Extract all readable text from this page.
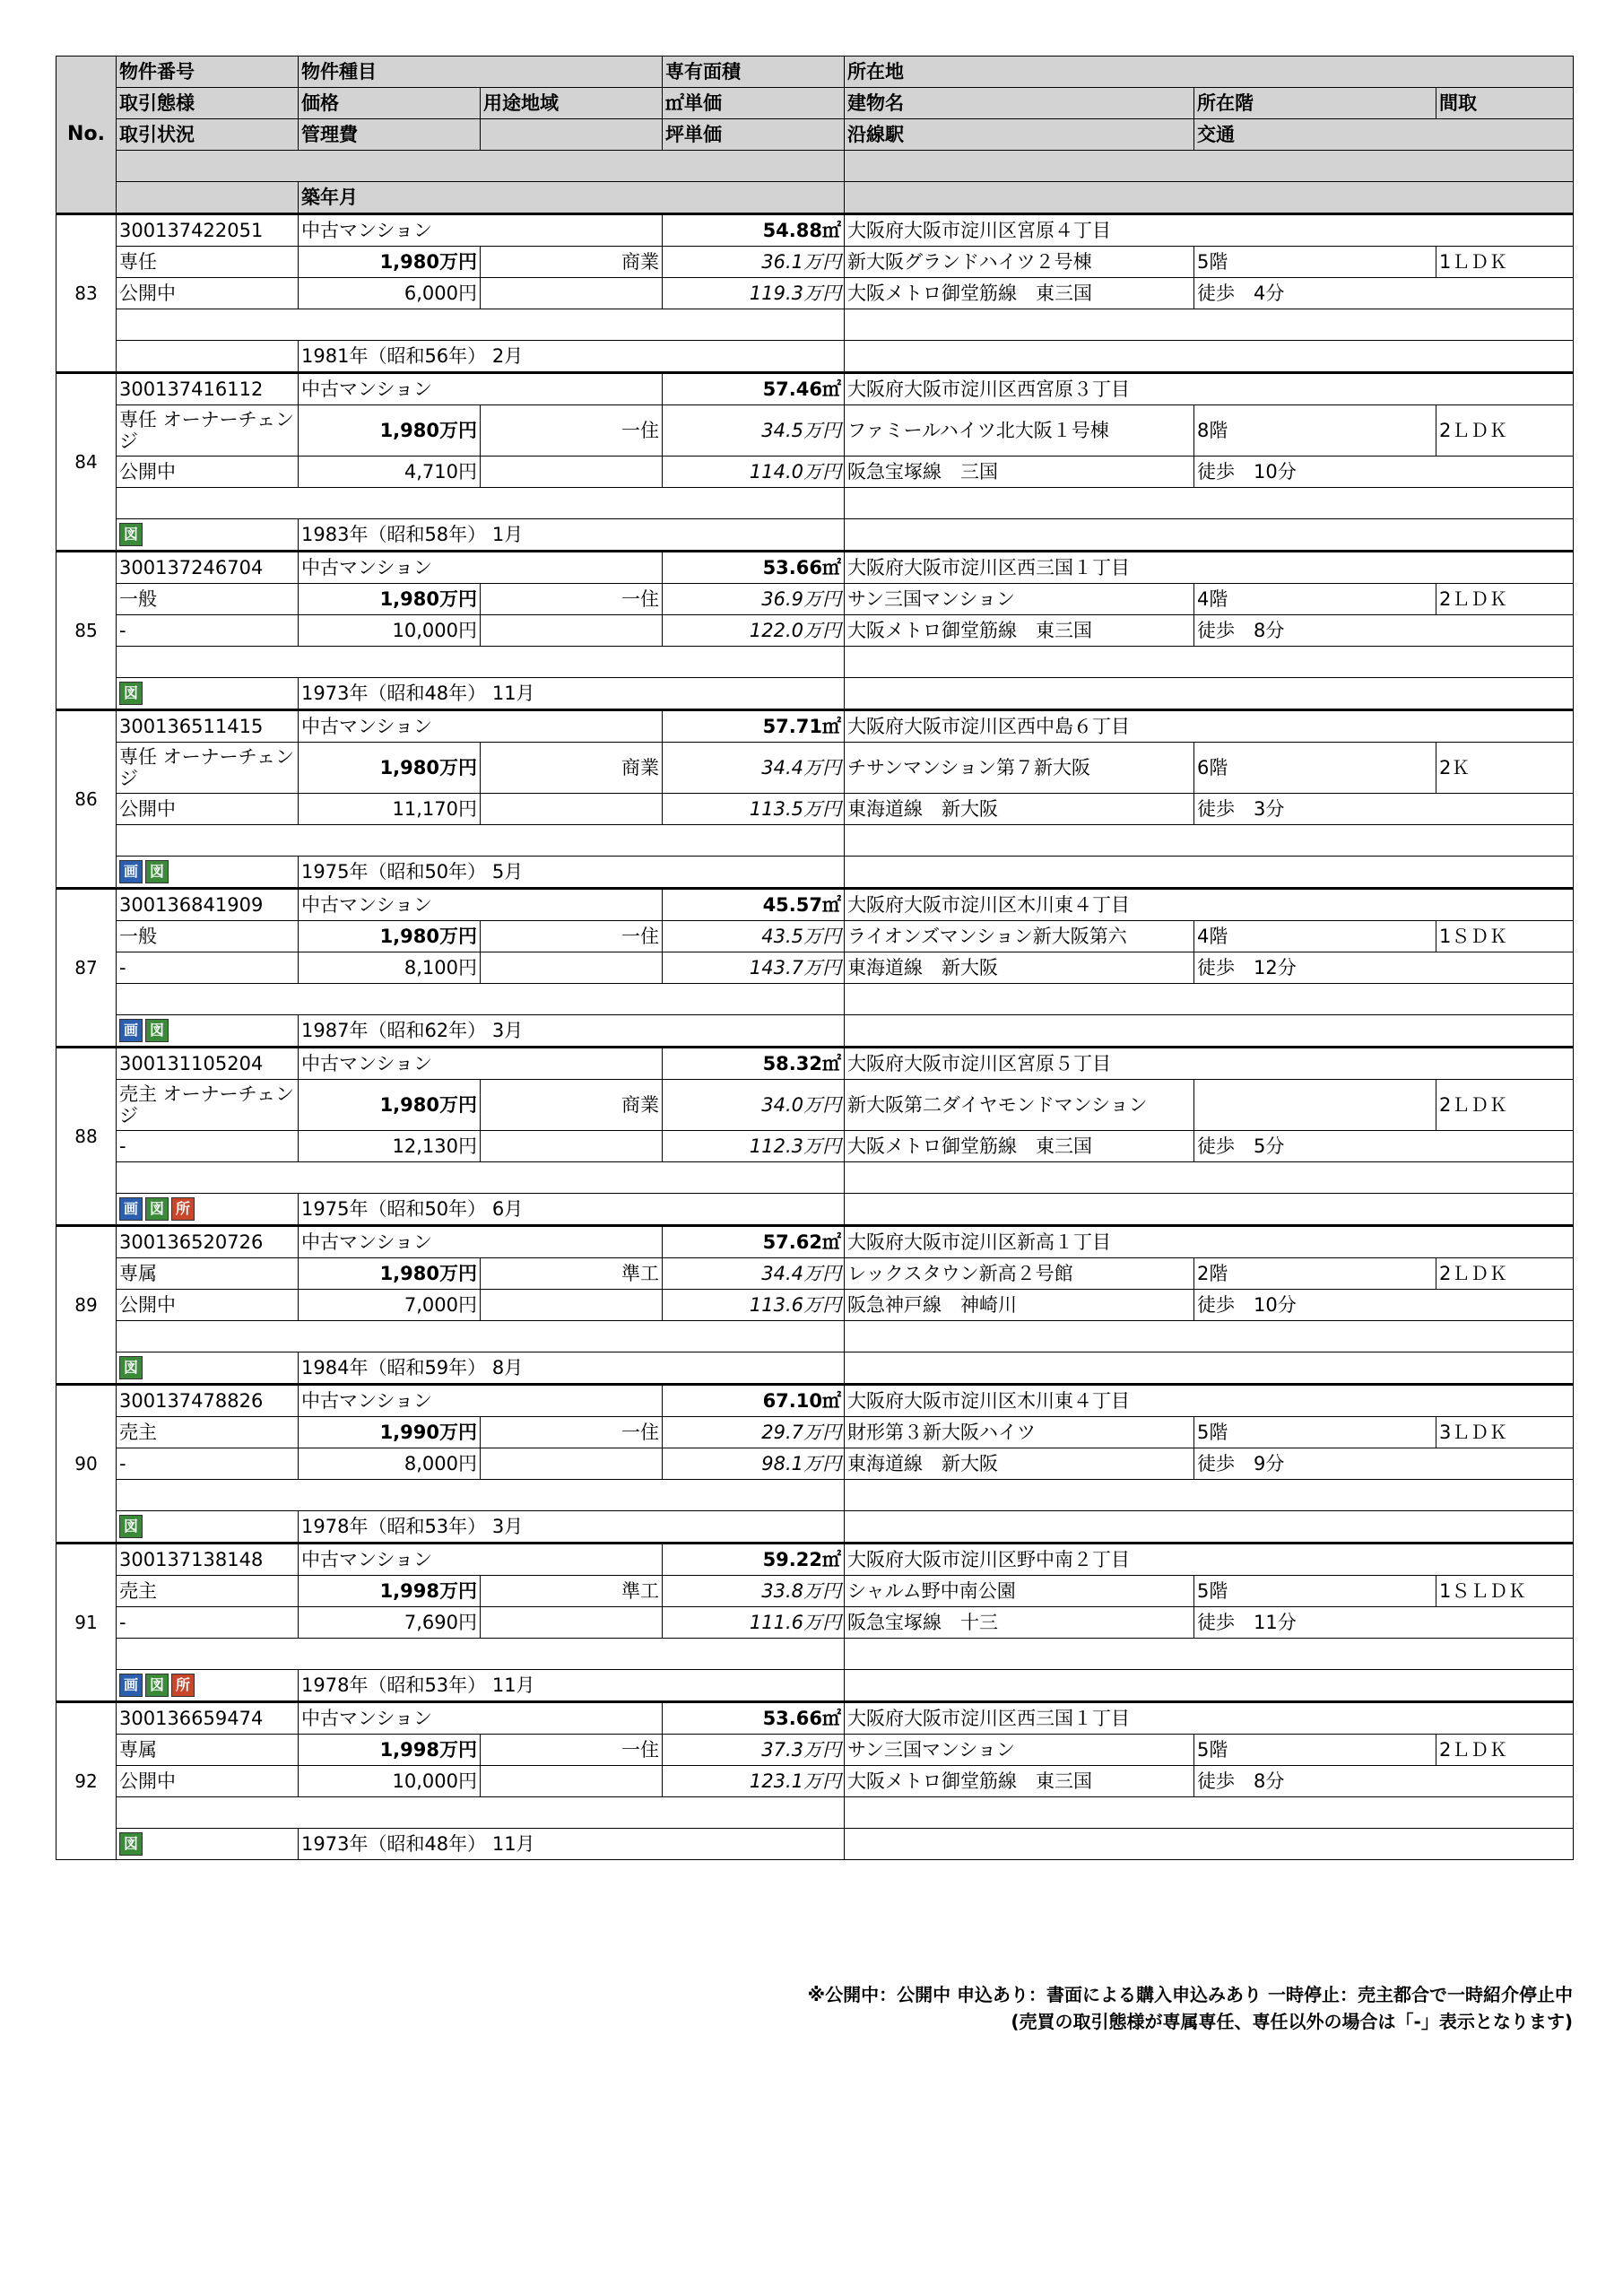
No.	物件番号	物件種目		専有面積	所在地		
	取引態様	価格	用途地域	㎡単価	建物名	所在階	間取
	取引状況	管理費		坪単価	沿線駅	交通	

		築年月					
83	300137422051	中古マンション		54.88㎡	大阪府大阪市淀川区宮原４丁目		
	専任	1,980万円	商業	36.1万円	新大阪グランドハイツ２号棟	5階	1ＬＤＫ
	公開中	6,000円		119.3万円	大阪メトロ御堂筋線　東三国	徒歩　4分	

		1981年（昭和56年） 2月					
84	300137416112	中古マンション		57.46㎡	大阪府大阪市淀川区西宮原３丁目		
	専任 オーナーチェンジ	1,980万円	一住	34.5万円	ファミールハイツ北大阪１号棟	8階	2ＬＤＫ
	公開中	4,710円		114.0万円	阪急宝塚線　三国	徒歩　10分	

	図	1983年（昭和58年） 1月					
85	300137246704	中古マンション		53.66㎡	大阪府大阪市淀川区西三国１丁目		
	一般	1,980万円	一住	36.9万円	サン三国マンション	4階	2ＬＤＫ
	-	10,000円		122.0万円	大阪メトロ御堂筋線　東三国	徒歩　8分	

	図	1973年（昭和48年） 11月					
86	300136511415	中古マンション		57.71㎡	大阪府大阪市淀川区西中島６丁目		
	専任 オーナーチェンジ	1,980万円	商業	34.4万円	チサンマンション第７新大阪	6階	2Ｋ
	公開中	11,170円		113.5万円	東海道線　新大阪	徒歩　3分	

	画 図	1975年（昭和50年） 5月					
87	300136841909	中古マンション		45.57㎡	大阪府大阪市淀川区木川東４丁目		
	一般	1,980万円	一住	43.5万円	ライオンズマンション新大阪第六	4階	1ＳＤＫ
	-	8,100円		143.7万円	東海道線　新大阪	徒歩　12分	

	画 図	1987年（昭和62年） 3月					
88	300131105204	中古マンション		58.32㎡	大阪府大阪市淀川区宮原５丁目		
	売主 オーナーチェンジ	1,980万円	商業	34.0万円	新大阪第二ダイヤモンドマンション		2ＬＤＫ
	-	12,130円		112.3万円	大阪メトロ御堂筋線　東三国	徒歩　5分	

	画 図 所	1975年（昭和50年） 6月					
89	300136520726	中古マンション		57.62㎡	大阪府大阪市淀川区新高１丁目		
	専属	1,980万円	準工	34.4万円	レックスタウン新高２号館	2階	2ＬＤＫ
	公開中	7,000円		113.6万円	阪急神戸線　神崎川	徒歩　10分	

	図	1984年（昭和59年） 8月					
90	300137478826	中古マンション		67.10㎡	大阪府大阪市淀川区木川東４丁目		
	売主	1,990万円	一住	29.7万円	財形第３新大阪ハイツ	5階	3ＬＤＫ
	-	8,000円		98.1万円	東海道線　新大阪	徒歩　9分	

	図	1978年（昭和53年） 3月					
91	300137138148	中古マンション		59.22㎡	大阪府大阪市淀川区野中南２丁目		
	売主	1,998万円	準工	33.8万円	シャルム野中南公園	5階	1ＳＬＤＫ
	-	7,690円		111.6万円	阪急宝塚線　十三	徒歩　11分	

	画 図 所	1978年（昭和53年） 11月					
92	300136659474	中古マンション		53.66㎡	大阪府大阪市淀川区西三国１丁目		
	専属	1,998万円	一住	37.3万円	サン三国マンション	5階	2ＬＤＫ
	公開中	10,000円		123.1万円	大阪メトロ御堂筋線　東三国	徒歩　8分	

	図	1973年（昭和48年） 11月					
※公開中：公開中 申込あり：書面による購入申込みあり 一時停止：売主都合で一時紹介停止中
(売買の取引態様が専属専任、専任以外の場合は「-」表示となります)
